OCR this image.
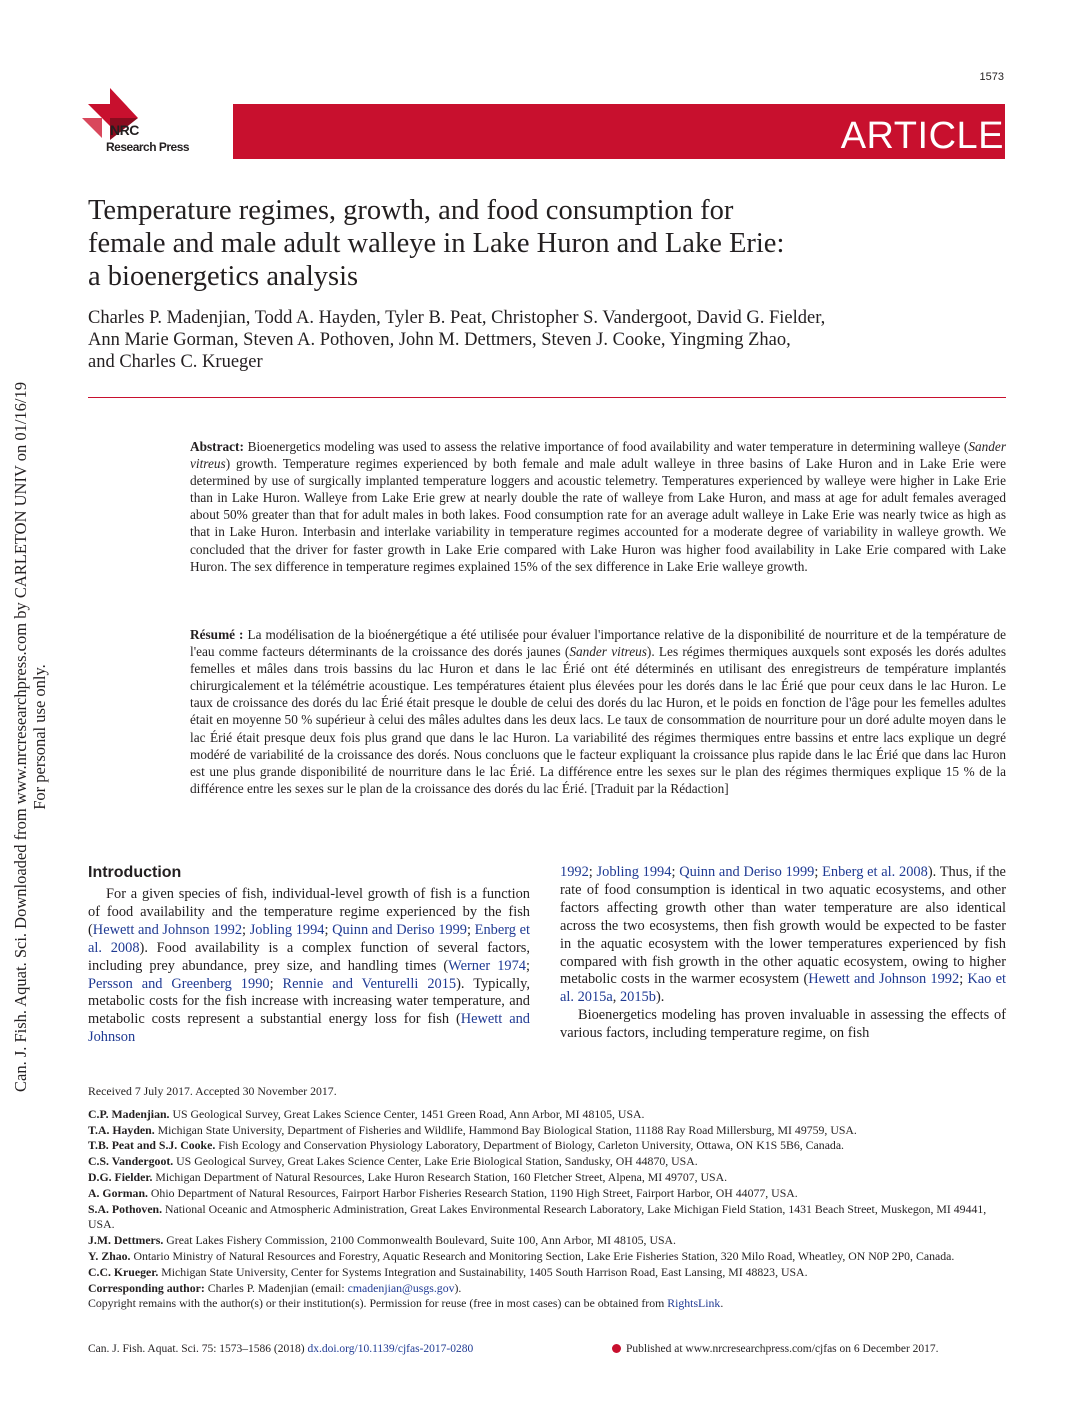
Can. J. Fish. Aquat. Sci. Downloaded from www.nrcresearchpress.com by CARLETON UNIV on 01/16/19 For personal use only.
1573
NRC
Research Press	ARTICLE
Temperature regimes, growth, and food consumption for
female and male adult walleye in Lake Huron and Lake Erie:
a bioenergetics analysis
Charles P. Madenjian, Todd A. Hayden, Tyler B. Peat, Christopher S. Vandergoot, David G. Fielder,
Ann Marie Gorman, Steven A. Pothoven, John M. Dettmers, Steven J. Cooke, Yingming Zhao,
and Charles C. Krueger
Abstract: Bioenergetics modeling was used to assess the relative importance of food availability and water temperature in determining walleye (Sander vitreus) growth. Temperature regimes experienced by both female and male adult walleye in three basins of Lake Huron and in Lake Erie were determined by use of surgically implanted temperature loggers and acoustic telemetry. Temperatures experienced by walleye were higher in Lake Erie than in Lake Huron. Walleye from Lake Erie grew at nearly double the rate of walleye from Lake Huron, and mass at age for adult females averaged about 50% greater than that for adult males in both lakes. Food consumption rate for an average adult walleye in Lake Erie was nearly twice as high as that in Lake Huron. Interbasin and interlake variability in temperature regimes accounted for a moderate degree of variability in walleye growth. We concluded that the driver for faster growth in Lake Erie compared with Lake Huron was higher food availability in Lake Erie compared with Lake Huron. The sex difference in temperature regimes explained 15% of the sex difference in Lake Erie walleye growth.
Résumé : La modélisation de la bioénergétique a été utilisée pour évaluer l'importance relative de la disponibilité de nourriture et de la température de l'eau comme facteurs déterminants de la croissance des dorés jaunes (Sander vitreus). Les régimes thermiques auxquels sont exposés les dorés adultes femelles et mâles dans trois bassins du lac Huron et dans le lac Érié ont été déterminés en utilisant des enregistreurs de température implantés chirurgicalement et la télémétrie acoustique. Les températures étaient plus élevées pour les dorés dans le lac Érié que pour ceux dans le lac Huron. Le taux de croissance des dorés du lac Érié était presque le double de celui des dorés du lac Huron, et le poids en fonction de l'âge pour les femelles adultes était en moyenne 50 % supérieur à celui des mâles adultes dans les deux lacs. Le taux de consommation de nourriture pour un doré adulte moyen dans le lac Érié était presque deux fois plus grand que dans le lac Huron. La variabilité des régimes thermiques entre bassins et entre lacs explique un degré modéré de variabilité de la croissance des dorés. Nous concluons que le facteur expliquant la croissance plus rapide dans le lac Érié que dans lac Huron est une plus grande disponibilité de nourriture dans le lac Érié. La différence entre les sexes sur le plan des régimes thermiques explique 15 % de la différence entre les sexes sur le plan de la croissance des dorés du lac Érié. [Traduit par la Rédaction]
Introduction

For a given species of fish, individual-level growth of fish is a function of food availability and the temperature regime experienced by the fish (Hewett and Johnson 1992; Jobling 1994; Quinn and Deriso 1999; Enberg et al. 2008). Food availability is a complex function of several factors, including prey abundance, prey size, and handling times (Werner 1974; Persson and Greenberg 1990; Rennie and Venturelli 2015). Typically, metabolic costs for the fish increase with increasing water temperature, and metabolic costs represent a substantial energy loss for fish (Hewett and Johnson

1992; Jobling 1994; Quinn and Deriso 1999; Enberg et al. 2008). Thus, if the rate of food consumption is identical in two aquatic ecosystems, and other factors affecting growth other than water temperature are also identical across the two ecosystems, then fish growth would be expected to be faster in the aquatic ecosystem with the lower temperatures experienced by fish compared with fish growth in the other aquatic ecosystem, owing to higher metabolic costs in the warmer ecosystem (Hewett and Johnson 1992; Kao et al. 2015a, 2015b).

Bioenergetics modeling has proven invaluable in assessing the effects of various factors, including temperature regime, on fish

Received 7 July 2017. Accepted 30 November 2017.
C.P. Madenjian. US Geological Survey, Great Lakes Science Center, 1451 Green Road, Ann Arbor, MI 48105, USA.
T.A. Hayden. Michigan State University, Department of Fisheries and Wildlife, Hammond Bay Biological Station, 11188 Ray Road Millersburg, MI 49759, USA.
T.B. Peat and S.J. Cooke. Fish Ecology and Conservation Physiology Laboratory, Department of Biology, Carleton University, Ottawa, ON K1S 5B6, Canada.
C.S. Vandergoot. US Geological Survey, Great Lakes Science Center, Lake Erie Biological Station, Sandusky, OH 44870, USA.
D.G. Fielder. Michigan Department of Natural Resources, Lake Huron Research Station, 160 Fletcher Street, Alpena, MI 49707, USA.
A. Gorman. Ohio Department of Natural Resources, Fairport Harbor Fisheries Research Station, 1190 High Street, Fairport Harbor, OH 44077, USA.
S.A. Pothoven. National Oceanic and Atmospheric Administration, Great Lakes Environmental Research Laboratory, Lake Michigan Field Station, 1431 Beach Street, Muskegon, MI 49441, USA.
J.M. Dettmers. Great Lakes Fishery Commission, 2100 Commonwealth Boulevard, Suite 100, Ann Arbor, MI 48105, USA.
Y. Zhao. Ontario Ministry of Natural Resources and Forestry, Aquatic Research and Monitoring Section, Lake Erie Fisheries Station, 320 Milo Road, Wheatley, ON N0P 2P0, Canada.
C.C. Krueger. Michigan State University, Center for Systems Integration and Sustainability, 1405 South Harrison Road, East Lansing, MI 48823, USA.
Corresponding author: Charles P. Madenjian (email: cmadenjian@usgs.gov).
Copyright remains with the author(s) or their institution(s). Permission for reuse (free in most cases) can be obtained from RightsLink.
Can. J. Fish. Aquat. Sci. 75: 1573–1586 (2018) dx.doi.org/10.1139/cjfas-2017-0280	Published at www.nrcresearchpress.com/cjfas on 6 December 2017.
